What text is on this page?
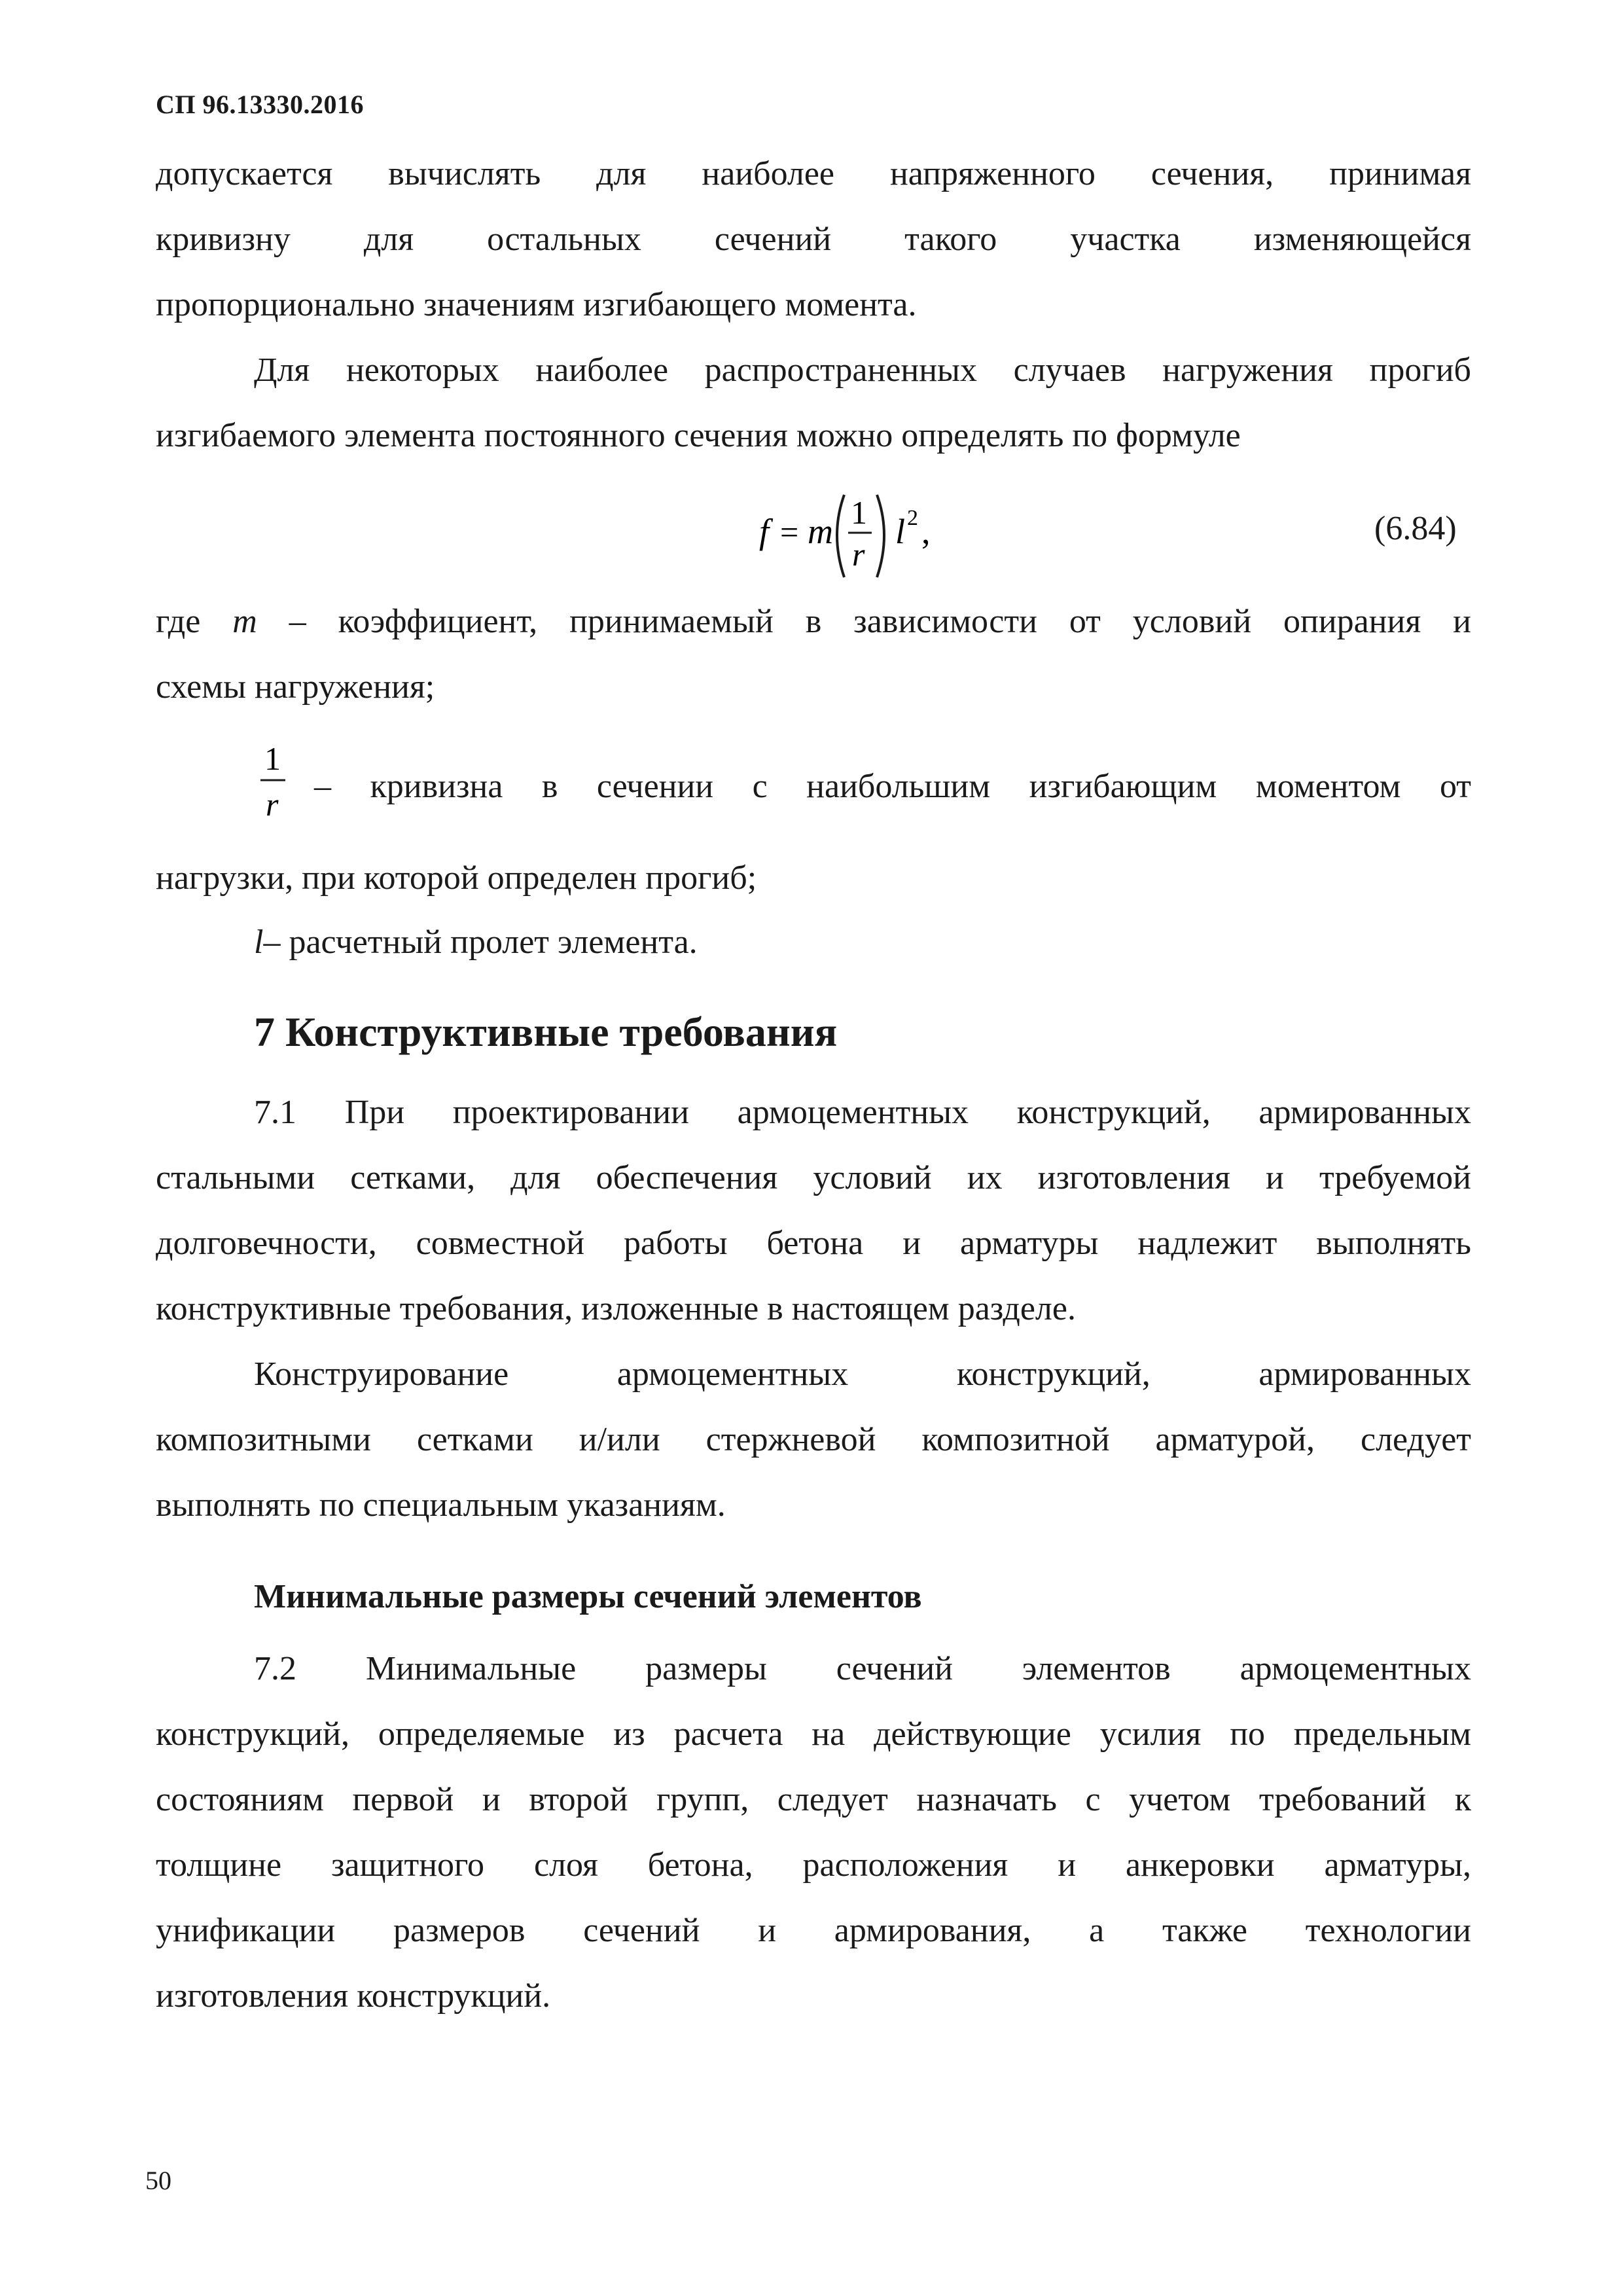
СП 96.13330.2016
допускается вычислять для наиболее напряженного сечения, принимая
кривизну для остальных сечений такого участка изменяющейся
пропорционально значениям изгибающего момента.
Для некоторых наиболее распространенных случаев нагружения прогиб
изгибаемого элемента постоянного сечения можно определять по формуле
f = m 1
r
l 2 ,	(6.84)
где m – коэффициент, принимаемый в зависимости от условий опирания и
схемы нагружения;
1
r – кривизна в сечении с наибольшим изгибающим моментом от
нагрузки, при которой определен прогиб;
l– расчетный пролет элемента.
7 Конструктивные требования
7.1 При проектировании армоцементных конструкций, армированных
стальными сетками, для обеспечения условий их изготовления и требуемой
долговечности, совместной работы бетона и арматуры надлежит выполнять
конструктивные требования, изложенные в настоящем разделе.
Конструирование армоцементных конструкций, армированных
композитными сетками и/или стержневой композитной арматурой, следует
выполнять по специальным указаниям.
Минимальные размеры сечений элементов
7.2 Минимальные размеры сечений элементов армоцементных
конструкций, определяемые из расчета на действующие усилия по предельным
состояниям первой и второй групп, следует назначать с учетом требований к
толщине защитного слоя бетона, расположения и анкеровки арматуры,
унификации размеров сечений и армирования, а также технологии
изготовления конструкций.
50
